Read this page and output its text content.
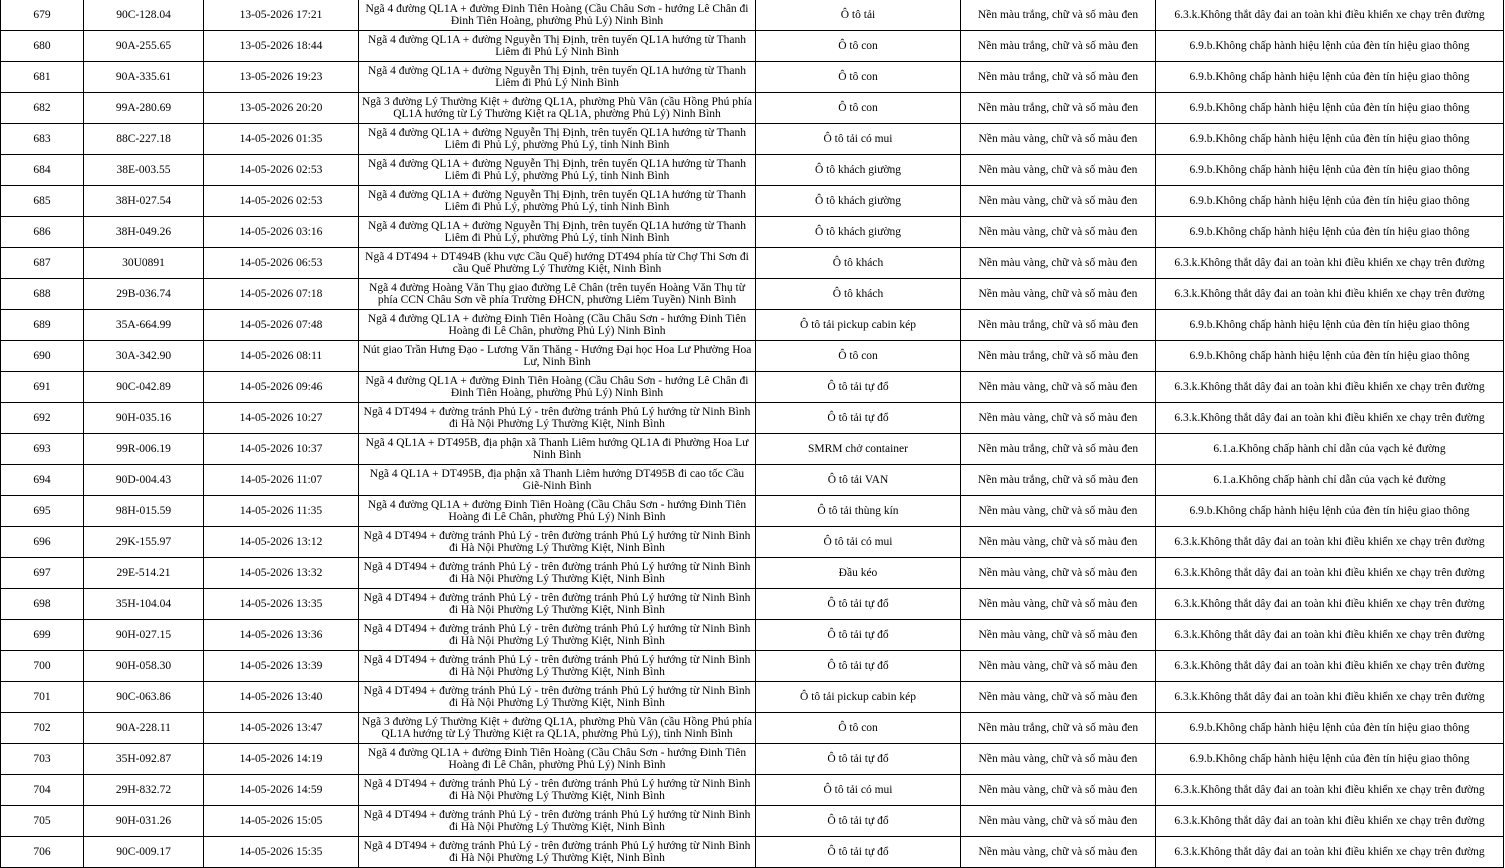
679	90C-128.04	13-05-2026 17:21	Ngã 4 đường QL1A + đường Đinh Tiên Hoàng (Cầu Châu Sơn - hướng Lê Chân đi Đinh Tiên Hoàng, phường Phủ Lý) Ninh Bình	Ô tô tải	Nền màu trắng, chữ và số màu đen	6.3.k.Không thắt dây đai an toàn khi điều khiển xe chạy trên đường
680	90A-255.65	13-05-2026 18:44	Ngã 4 đường QL1A + đường Nguyễn Thị Định, trên tuyến QL1A hướng từ Thanh Liêm đi Phủ Lý Ninh Bình	Ô tô con	Nền màu trắng, chữ và số màu đen	6.9.b.Không chấp hành hiệu lệnh của đèn tín hiệu giao thông
681	90A-335.61	13-05-2026 19:23	Ngã 4 đường QL1A + đường Nguyễn Thị Định, trên tuyến QL1A hướng từ Thanh Liêm đi Phủ Lý Ninh Bình	Ô tô con	Nền màu trắng, chữ và số màu đen	6.9.b.Không chấp hành hiệu lệnh của đèn tín hiệu giao thông
682	99A-280.69	13-05-2026 20:20	Ngã 3 đường Lý Thường Kiệt + đường QL1A, phường Phù Vân (cầu Hồng Phú phía QL1A hướng từ Lý Thường Kiệt ra QL1A, phường Phủ Lý) Ninh Bình	Ô tô con	Nền màu trắng, chữ và số màu đen	6.9.b.Không chấp hành hiệu lệnh của đèn tín hiệu giao thông
683	88C-227.18	14-05-2026 01:35	Ngã 4 đường QL1A + đường Nguyễn Thị Định, trên tuyến QL1A hướng từ Thanh Liêm đi Phủ Lý, phường Phủ Lý, tỉnh Ninh Bình	Ô tô tải có mui	Nền màu vàng, chữ và số màu đen	6.9.b.Không chấp hành hiệu lệnh của đèn tín hiệu giao thông
684	38E-003.55	14-05-2026 02:53	Ngã 4 đường QL1A + đường Nguyễn Thị Định, trên tuyến QL1A hướng từ Thanh Liêm đi Phủ Lý, phường Phủ Lý, tỉnh Ninh Bình	Ô tô khách giường	Nền màu vàng, chữ và số màu đen	6.9.b.Không chấp hành hiệu lệnh của đèn tín hiệu giao thông
685	38H-027.54	14-05-2026 02:53	Ngã 4 đường QL1A + đường Nguyễn Thị Định, trên tuyến QL1A hướng từ Thanh Liêm đi Phủ Lý, phường Phủ Lý, tỉnh Ninh Bình	Ô tô khách giường	Nền màu vàng, chữ và số màu đen	6.9.b.Không chấp hành hiệu lệnh của đèn tín hiệu giao thông
686	38H-049.26	14-05-2026 03:16	Ngã 4 đường QL1A + đường Nguyễn Thị Định, trên tuyến QL1A hướng từ Thanh Liêm đi Phủ Lý, phường Phủ Lý, tỉnh Ninh Bình	Ô tô khách giường	Nền màu vàng, chữ và số màu đen	6.9.b.Không chấp hành hiệu lệnh của đèn tín hiệu giao thông
687	30U0891	14-05-2026 06:53	Ngã 4 DT494 + DT494B (khu vực Cầu Quế) hướng DT494 phía từ Chợ Thi Sơn đi cầu Quế Phường Lý Thường Kiệt, Ninh Bình	Ô tô khách	Nền màu vàng, chữ và số màu đen	6.3.k.Không thắt dây đai an toàn khi điều khiển xe chạy trên đường
688	29B-036.74	14-05-2026 07:18	Ngã 4 đường Hoàng Văn Thụ giao đường Lê Chân (trên tuyến Hoàng Văn Thụ từ phía CCN Châu Sơn về phía Trường ĐHCN, phường Liêm Tuyền) Ninh Bình	Ô tô khách	Nền màu vàng, chữ và số màu đen	6.3.k.Không thắt dây đai an toàn khi điều khiển xe chạy trên đường
689	35A-664.99	14-05-2026 07:48	Ngã 4 đường QL1A + đường Đinh Tiên Hoàng (Cầu Châu Sơn - hướng Đinh Tiên Hoàng đi Lê Chân, phường Phủ Lý) Ninh Bình	Ô tô tải pickup cabin kép	Nền màu trắng, chữ và số màu đen	6.9.b.Không chấp hành hiệu lệnh của đèn tín hiệu giao thông
690	30A-342.90	14-05-2026 08:11	Nút giao Trần Hưng Đạo - Lương Văn Thăng - Hướng Đại học Hoa Lư Phường Hoa Lư, Ninh Bình	Ô tô con	Nền màu trắng, chữ và số màu đen	6.9.b.Không chấp hành hiệu lệnh của đèn tín hiệu giao thông
691	90C-042.89	14-05-2026 09:46	Ngã 4 đường QL1A + đường Đinh Tiên Hoàng (Cầu Châu Sơn - hướng Lê Chân đi Đinh Tiên Hoàng, phường Phủ Lý) Ninh Bình	Ô tô tải tự đổ	Nền màu vàng, chữ và số màu đen	6.3.k.Không thắt dây đai an toàn khi điều khiển xe chạy trên đường
692	90H-035.16	14-05-2026 10:27	Ngã 4 DT494 + đường tránh Phủ Lý - trên đường tránh Phủ Lý hướng từ Ninh Bình đi Hà Nội Phường Lý Thường Kiệt, Ninh Bình	Ô tô tải tự đổ	Nền màu vàng, chữ và số màu đen	6.3.k.Không thắt dây đai an toàn khi điều khiển xe chạy trên đường
693	99R-006.19	14-05-2026 10:37	Ngã 4 QL1A + DT495B, địa phận xã Thanh Liêm hướng QL1A đi Phường Hoa Lư Ninh Bình	SMRM chở container	Nền màu trắng, chữ và số màu đen	6.1.a.Không chấp hành chỉ dẫn của vạch kẻ đường
694	90D-004.43	14-05-2026 11:07	Ngã 4 QL1A + DT495B, địa phận xã Thanh Liêm hướng DT495B đi cao tốc Cầu Giẽ-Ninh Bình	Ô tô tải VAN	Nền màu trắng, chữ và số màu đen	6.1.a.Không chấp hành chỉ dẫn của vạch kẻ đường
695	98H-015.59	14-05-2026 11:35	Ngã 4 đường QL1A + đường Đinh Tiên Hoàng (Cầu Châu Sơn - hướng Đinh Tiên Hoàng đi Lê Chân, phường Phủ Lý) Ninh Bình	Ô tô tải thùng kín	Nền màu vàng, chữ và số màu đen	6.9.b.Không chấp hành hiệu lệnh của đèn tín hiệu giao thông
696	29K-155.97	14-05-2026 13:12	Ngã 4 DT494 + đường tránh Phủ Lý - trên đường tránh Phủ Lý hướng từ Ninh Bình đi Hà Nội Phường Lý Thường Kiệt, Ninh Bình	Ô tô tải có mui	Nền màu vàng, chữ và số màu đen	6.3.k.Không thắt dây đai an toàn khi điều khiển xe chạy trên đường
697	29E-514.21	14-05-2026 13:32	Ngã 4 DT494 + đường tránh Phủ Lý - trên đường tránh Phủ Lý hướng từ Ninh Bình đi Hà Nội Phường Lý Thường Kiệt, Ninh Bình	Đầu kéo	Nền màu vàng, chữ và số màu đen	6.3.k.Không thắt dây đai an toàn khi điều khiển xe chạy trên đường
698	35H-104.04	14-05-2026 13:35	Ngã 4 DT494 + đường tránh Phủ Lý - trên đường tránh Phủ Lý hướng từ Ninh Bình đi Hà Nội Phường Lý Thường Kiệt, Ninh Bình	Ô tô tải tự đổ	Nền màu vàng, chữ và số màu đen	6.3.k.Không thắt dây đai an toàn khi điều khiển xe chạy trên đường
699	90H-027.15	14-05-2026 13:36	Ngã 4 DT494 + đường tránh Phủ Lý - trên đường tránh Phủ Lý hướng từ Ninh Bình đi Hà Nội Phường Lý Thường Kiệt, Ninh Bình	Ô tô tải tự đổ	Nền màu vàng, chữ và số màu đen	6.3.k.Không thắt dây đai an toàn khi điều khiển xe chạy trên đường
700	90H-058.30	14-05-2026 13:39	Ngã 4 DT494 + đường tránh Phủ Lý - trên đường tránh Phủ Lý hướng từ Ninh Bình đi Hà Nội Phường Lý Thường Kiệt, Ninh Bình	Ô tô tải tự đổ	Nền màu vàng, chữ và số màu đen	6.3.k.Không thắt dây đai an toàn khi điều khiển xe chạy trên đường
701	90C-063.86	14-05-2026 13:40	Ngã 4 DT494 + đường tránh Phủ Lý - trên đường tránh Phủ Lý hướng từ Ninh Bình đi Hà Nội Phường Lý Thường Kiệt, Ninh Bình	Ô tô tải pickup cabin kép	Nền màu vàng, chữ và số màu đen	6.3.k.Không thắt dây đai an toàn khi điều khiển xe chạy trên đường
702	90A-228.11	14-05-2026 13:47	Ngã 3 đường Lý Thường Kiệt + đường QL1A, phường Phù Vân (cầu Hồng Phú phía QL1A hướng từ Lý Thường Kiệt ra QL1A, phường Phủ Lý), tỉnh Ninh Bình	Ô tô con	Nền màu trắng, chữ và số màu đen	6.9.b.Không chấp hành hiệu lệnh của đèn tín hiệu giao thông
703	35H-092.87	14-05-2026 14:19	Ngã 4 đường QL1A + đường Đinh Tiên Hoàng (Cầu Châu Sơn - hướng Đinh Tiên Hoàng đi Lê Chân, phường Phủ Lý) Ninh Bình	Ô tô tải tự đổ	Nền màu vàng, chữ và số màu đen	6.9.b.Không chấp hành hiệu lệnh của đèn tín hiệu giao thông
704	29H-832.72	14-05-2026 14:59	Ngã 4 DT494 + đường tránh Phủ Lý - trên đường tránh Phủ Lý hướng từ Ninh Bình đi Hà Nội Phường Lý Thường Kiệt, Ninh Bình	Ô tô tải có mui	Nền màu vàng, chữ và số màu đen	6.3.k.Không thắt dây đai an toàn khi điều khiển xe chạy trên đường
705	90H-031.26	14-05-2026 15:05	Ngã 4 DT494 + đường tránh Phủ Lý - trên đường tránh Phủ Lý hướng từ Ninh Bình đi Hà Nội Phường Lý Thường Kiệt, Ninh Bình	Ô tô tải tự đổ	Nền màu vàng, chữ và số màu đen	6.3.k.Không thắt dây đai an toàn khi điều khiển xe chạy trên đường
706	90C-009.17	14-05-2026 15:35	Ngã 4 DT494 + đường tránh Phủ Lý - trên đường tránh Phủ Lý hướng từ Ninh Bình đi Hà Nội Phường Lý Thường Kiệt, Ninh Bình	Ô tô tải tự đổ	Nền màu vàng, chữ và số màu đen	6.3.k.Không thắt dây đai an toàn khi điều khiển xe chạy trên đường
